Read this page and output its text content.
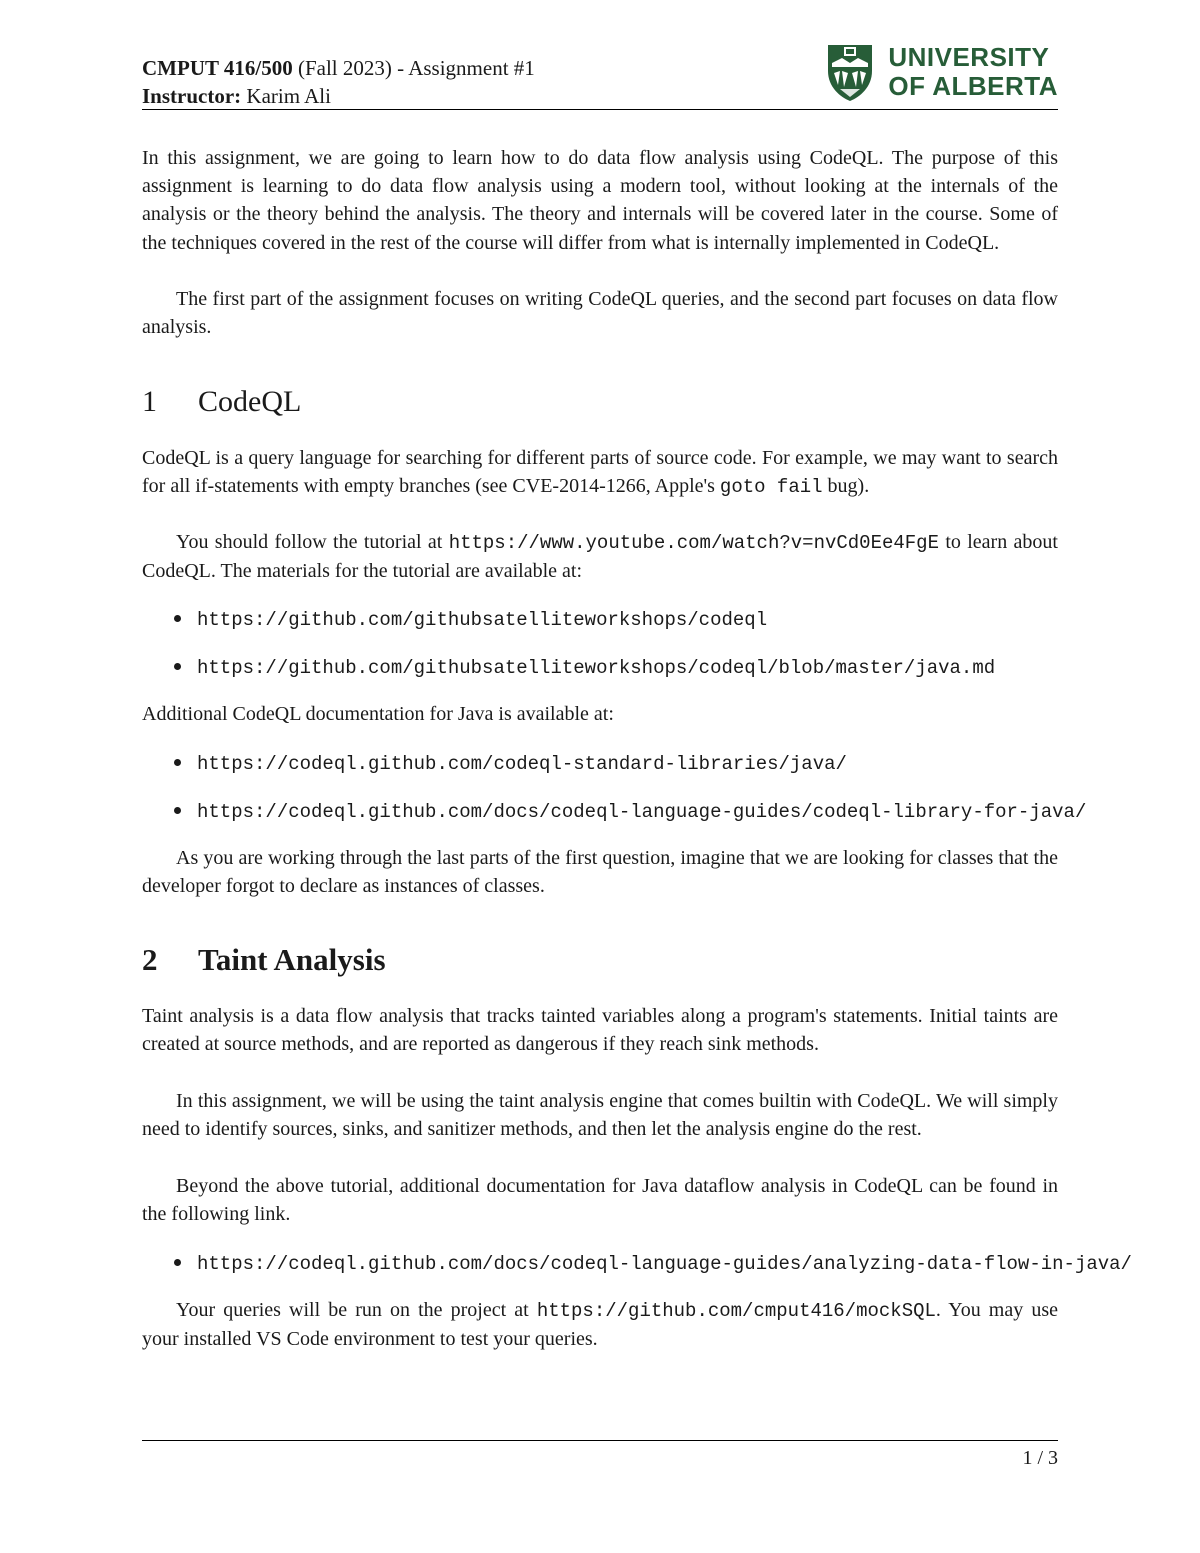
CMPUT 416/500 (Fall 2023) - Assignment #1
Instructor: Karim Ali
UNIVERSITY
OF ALBERTA
In this assignment, we are going to learn how to do data flow analysis using CodeQL. The purpose of this assignment is learning to do data flow analysis using a modern tool, without looking at the internals of the analysis or the theory behind the analysis. The theory and internals will be covered later in the course. Some of the techniques covered in the rest of the course will differ from what is internally implemented in CodeQL.
The first part of the assignment focuses on writing CodeQL queries, and the second part focuses on data flow analysis.
1 CodeQL
CodeQL is a query language for searching for different parts of source code. For example, we may want to search for all if-statements with empty branches (see CVE-2014-1266, Apple's goto fail bug).
You should follow the tutorial at https://www.youtube.com/watch?v=nvCd0Ee4FgE to learn about CodeQL. The materials for the tutorial are available at:
https://github.com/githubsatelliteworkshops/codeql
https://github.com/githubsatelliteworkshops/codeql/blob/master/java.md
Additional CodeQL documentation for Java is available at:
https://codeql.github.com/codeql-standard-libraries/java/
https://codeql.github.com/docs/codeql-language-guides/codeql-library-for-java/
As you are working through the last parts of the first question, imagine that we are looking for classes that the developer forgot to declare as instances of classes.
2 Taint Analysis
Taint analysis is a data flow analysis that tracks tainted variables along a program's statements. Initial taints are created at source methods, and are reported as dangerous if they reach sink methods.
In this assignment, we will be using the taint analysis engine that comes builtin with CodeQL. We will simply need to identify sources, sinks, and sanitizer methods, and then let the analysis engine do the rest.
Beyond the above tutorial, additional documentation for Java dataflow analysis in CodeQL can be found in the following link.
https://codeql.github.com/docs/codeql-language-guides/analyzing-data-flow-in-java/
Your queries will be run on the project at https://github.com/cmput416/mockSQL. You may use your installed VS Code environment to test your queries.
1 / 3
